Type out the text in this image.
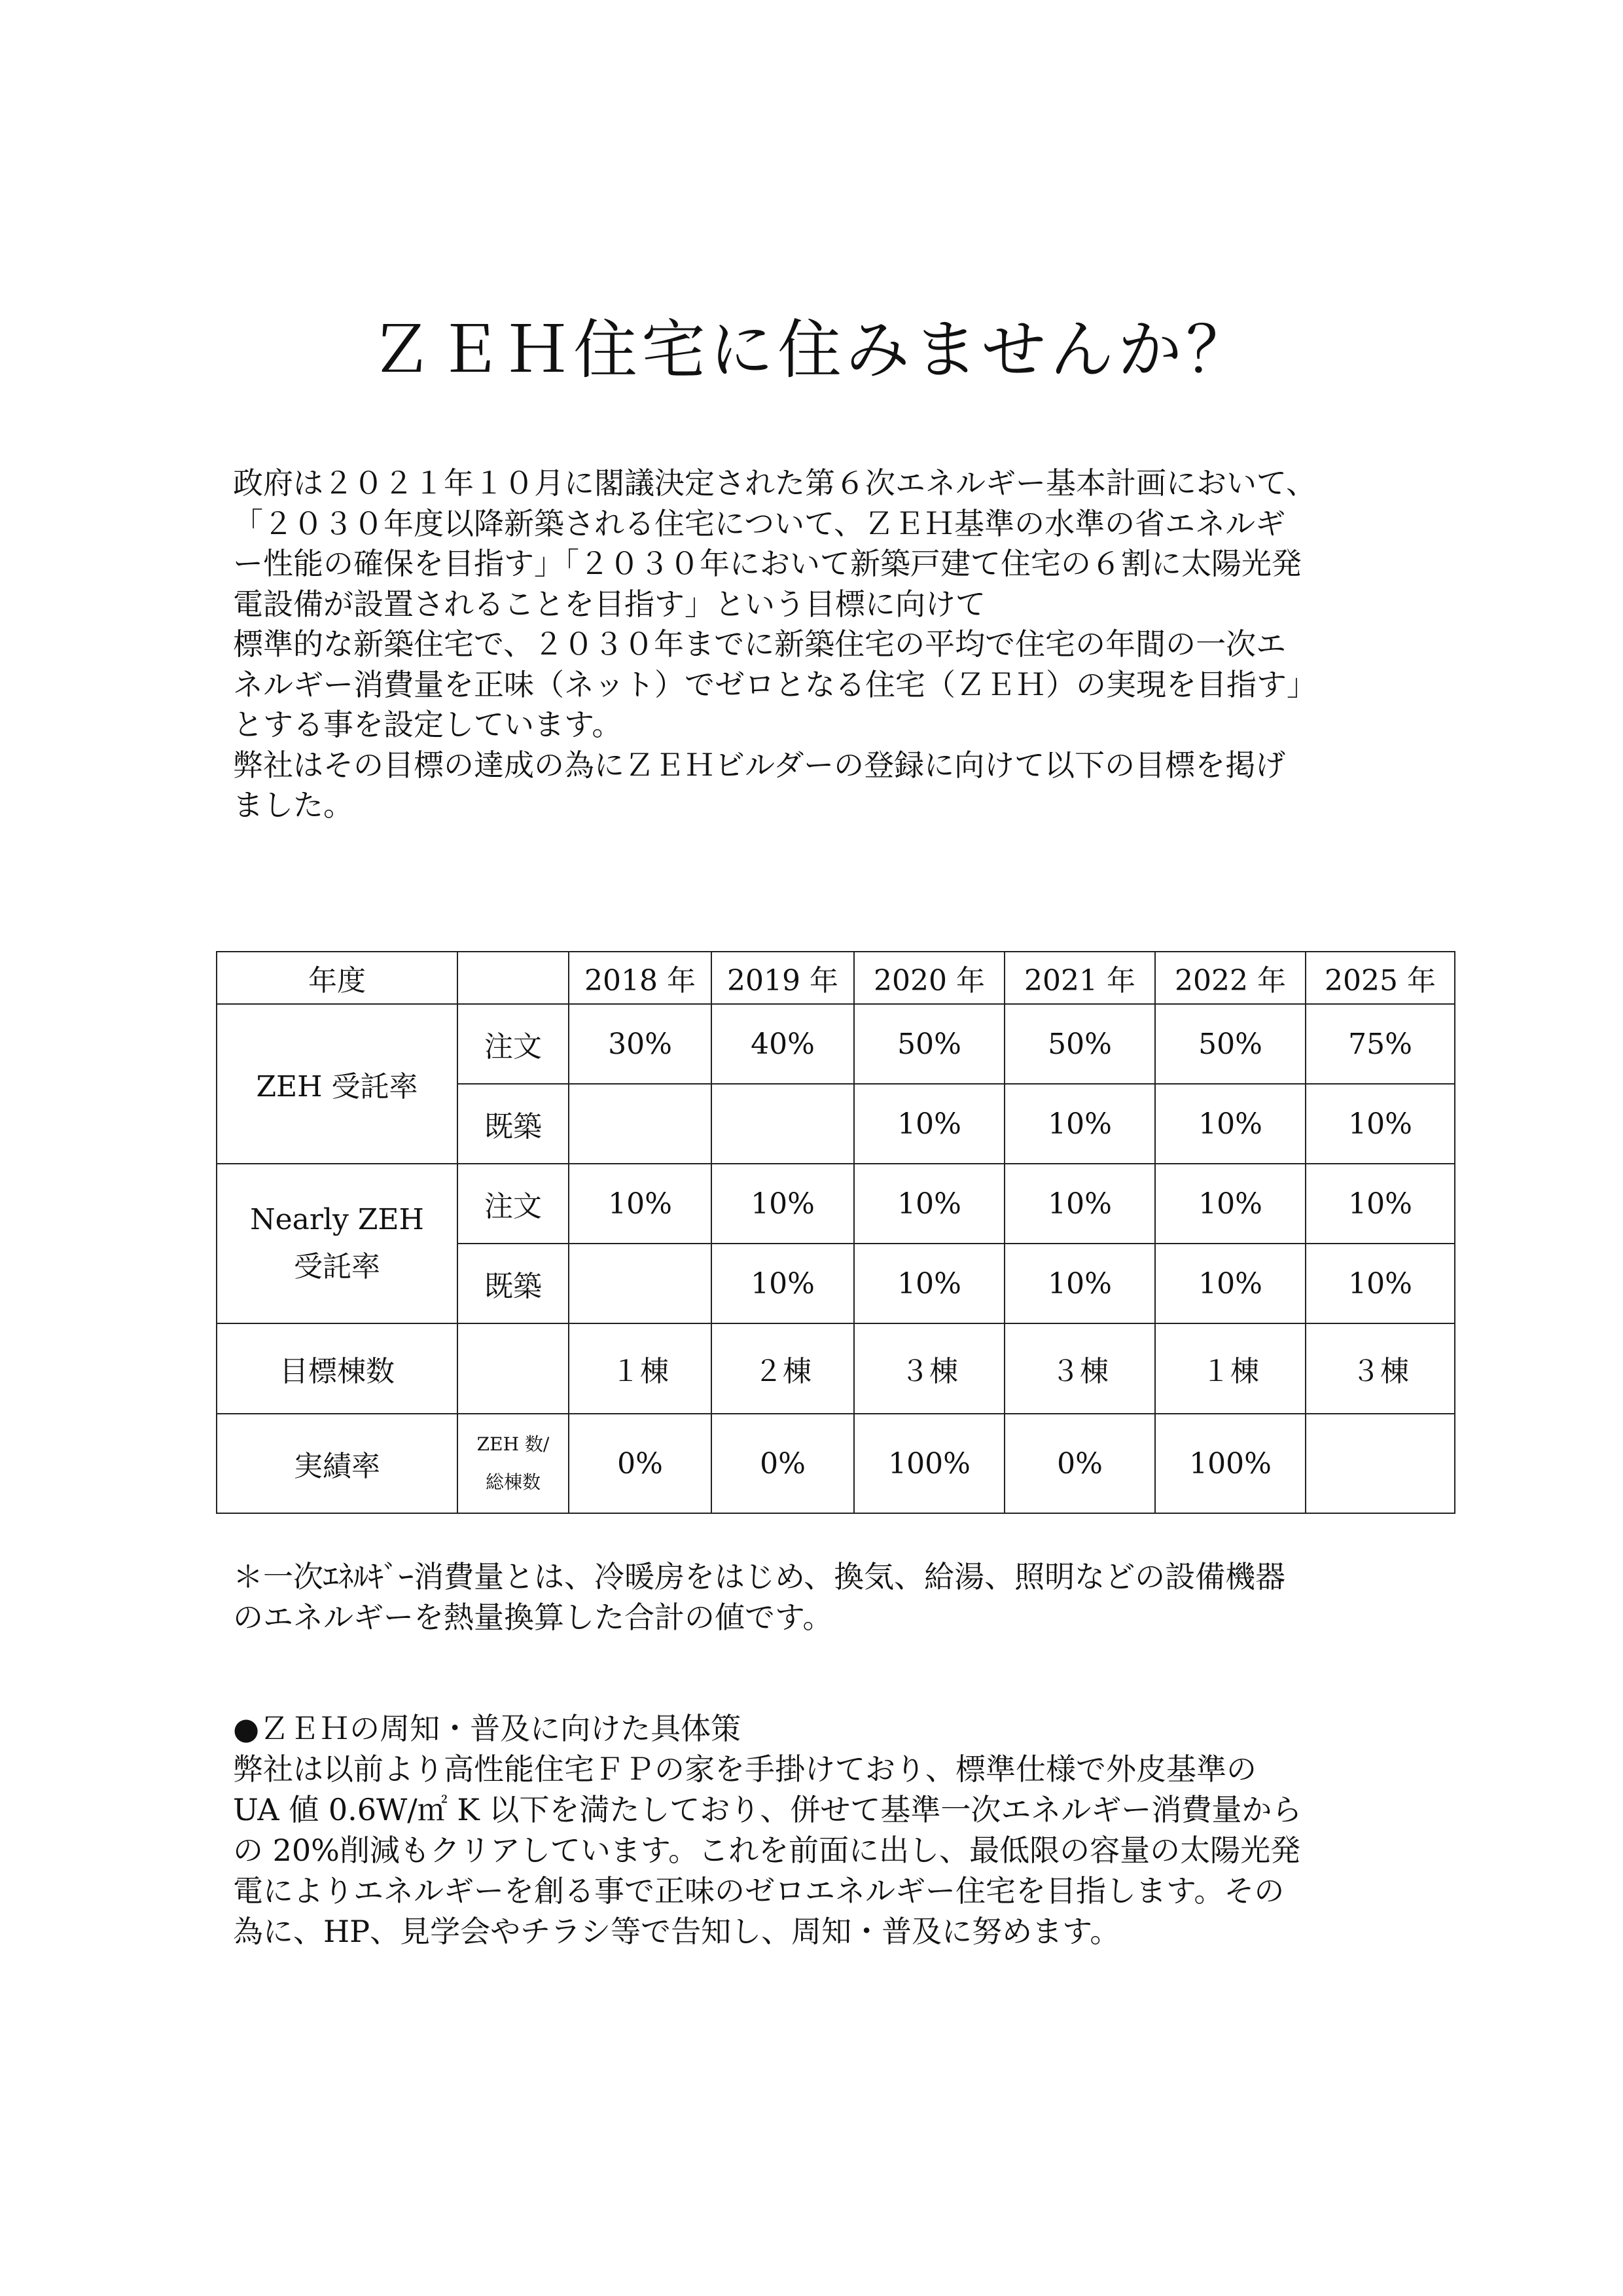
ＺＥＨ住宅に住みませんか？
政府は２０２１年１０月に閣議決定された第６次エネルギー基本計画において、
「２０３０年度以降新築される住宅について、ＺＥＨ基準の水準の省エネルギ
ー性能の確保を目指す」「２０３０年において新築戸建て住宅の６割に太陽光発
電設備が設置されることを目指す」という目標に向けて
標準的な新築住宅で、２０３０年までに新築住宅の平均で住宅の年間の一次エ
ネルギー消費量を正味（ネット）でゼロとなる住宅（ＺＥＨ）の実現を目指す」
とする事を設定しています。
弊社はその目標の達成の為にＺＥＨビルダーの登録に向けて以下の目標を掲げ
ました。
年度		2018 年	2019 年	2020 年	2021 年	2022 年	2025 年
ZEH 受託率	注文	30%	40%	50%	50%	50%	75%
	既築			10%	10%	10%	10%

Nearly ZEH
受託率	注文	10%	10%	10%	10%	10%	10%
	既築		10%	10%	10%	10%	10%
目標棟数		１棟	２棟	３棟	３棟	１棟	３棟
実績率	ZEH 数/
総棟数	0%	0%	100%	0%	100%	
＊一次ｴﾈﾙｷﾞｰ消費量とは、冷暖房をはじめ、換気、給湯、照明などの設備機器
のエネルギーを熱量換算した合計の値です。
●ＺＥＨの周知・普及に向けた具体策
弊社は以前より高性能住宅ＦＰの家を手掛けており、標準仕様で外皮基準の
UA 値 0.6W/㎡ K 以下を満たしており、併せて基準一次エネルギー消費量から
の 20%削減もクリアしています。これを前面に出し、最低限の容量の太陽光発
電によりエネルギーを創る事で正味のゼロエネルギー住宅を目指します。その
為に、HP、見学会やチラシ等で告知し、周知・普及に努めます。
